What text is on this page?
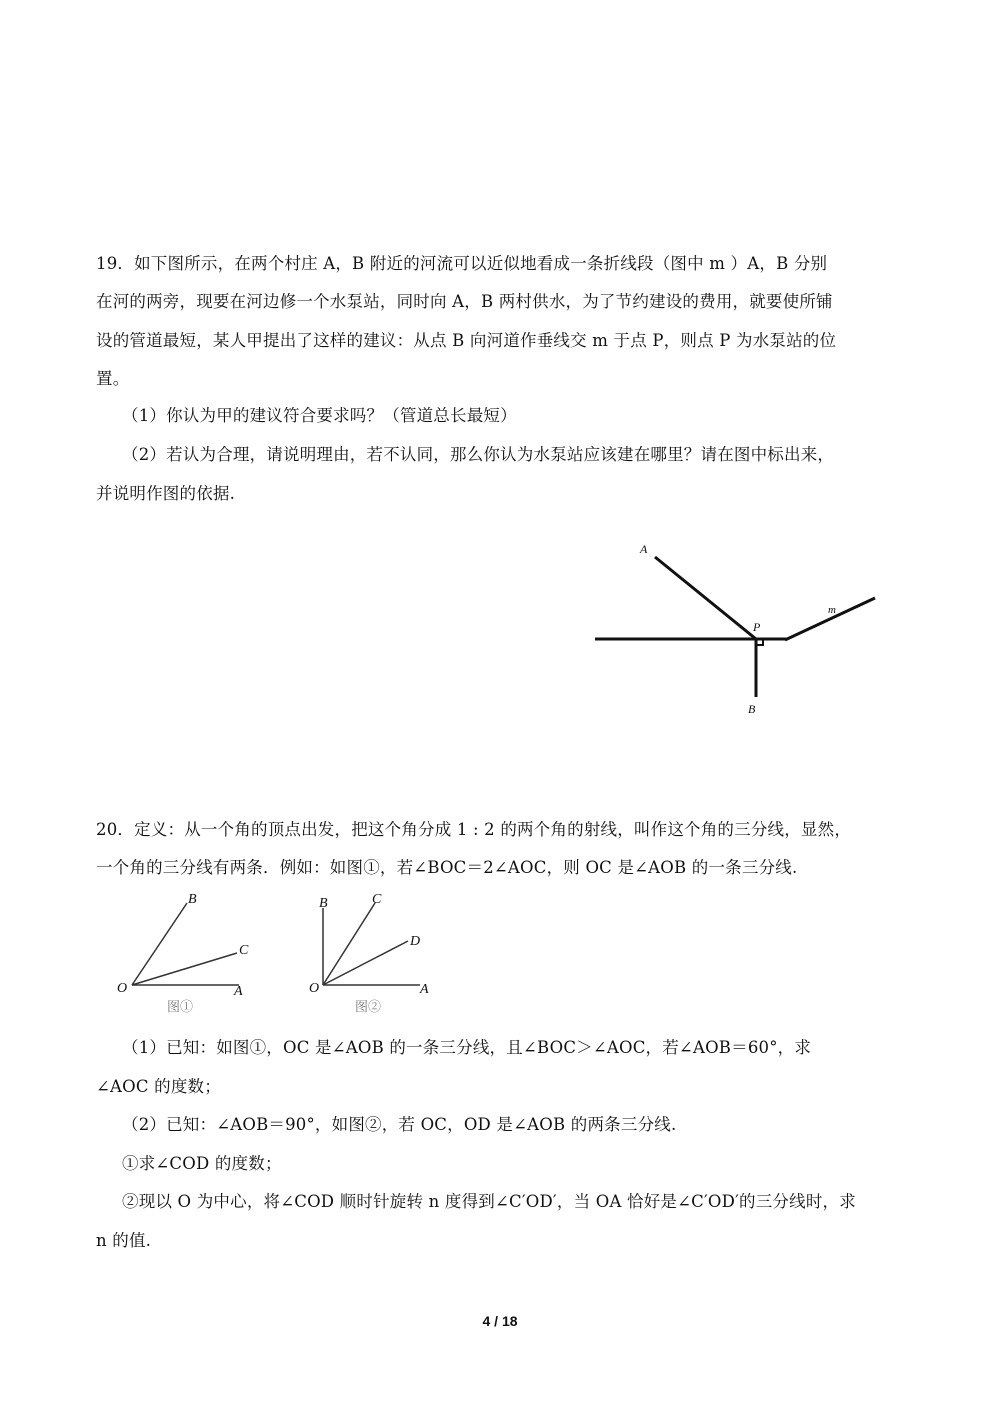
19．如下图所示，在两个村庄 A，B 附近的河流可以近似地看成一条折线段（图中 m ）A，B 分别
在河的两旁，现要在河边修一个水泵站，同时向 A，B 两村供水，为了节约建设的费用，就要使所铺
设的管道最短，某人甲提出了这样的建议：从点 B 向河道作垂线交 m 于点 P，则点 P 为水泵站的位
置。
（1）你认为甲的建议符合要求吗？（管道总长最短）
（2）若认为合理，请说明理由，若不认同，那么你认为水泵站应该建在哪里？请在图中标出来，
并说明作图的依据.
A
P
m
B
20．定义：从一个角的顶点出发，把这个角分成 1 : 2 的两个角的射线，叫作这个角的三分线，显然，
一个角的三分线有两条．例如：如图①，若∠BOC＝2∠AOC，则 OC 是∠AOB 的一条三分线.
B
C
O	A
图①
B	C
D
O	A
图②
（1）已知：如图①，OC 是∠AOB 的一条三分线，且∠BOC＞∠AOC，若∠AOB＝60°，求
∠AOC 的度数；
（2）已知：∠AOB＝90°，如图②，若 OC，OD 是∠AOB 的两条三分线.
①求∠COD 的度数；
②现以 O 为中心，将∠COD 顺时针旋转 n 度得到∠C′OD′，当 OA 恰好是∠C′OD′的三分线时，求
n 的值.
4 / 18
